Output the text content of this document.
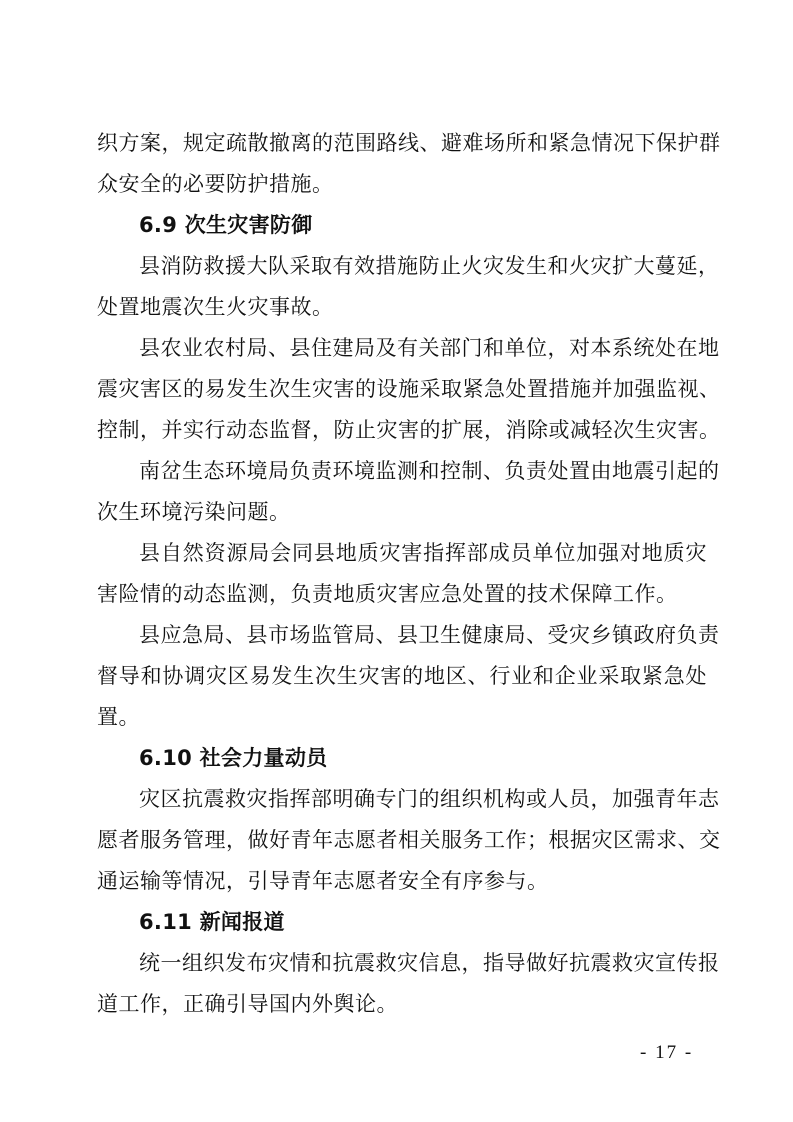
织方案，规定疏散撤离的范围路线、避难场所和紧急情况下保护群
众安全的必要防护措施。
6.9 次生灾害防御
县消防救援大队采取有效措施防止火灾发生和火灾扩大蔓延，
处置地震次生火灾事故。
县农业农村局、县住建局及有关部门和单位，对本系统处在地
震灾害区的易发生次生灾害的设施采取紧急处置措施并加强监视、
控制，并实行动态监督，防止灾害的扩展，消除或减轻次生灾害。
南岔生态环境局负责环境监测和控制、负责处置由地震引起的
次生环境污染问题。
县自然资源局会同县地质灾害指挥部成员单位加强对地质灾
害险情的动态监测，负责地质灾害应急处置的技术保障工作。
县应急局、县市场监管局、县卫生健康局、受灾乡镇政府负责
督导和协调灾区易发生次生灾害的地区、行业和企业采取紧急处
置。
6.10 社会力量动员
灾区抗震救灾指挥部明确专门的组织机构或人员，加强青年志
愿者服务管理，做好青年志愿者相关服务工作；根据灾区需求、交
通运输等情况，引导青年志愿者安全有序参与。
6.11 新闻报道
统一组织发布灾情和抗震救灾信息，指导做好抗震救灾宣传报
道工作，正确引导国内外舆论。
- 17 -
